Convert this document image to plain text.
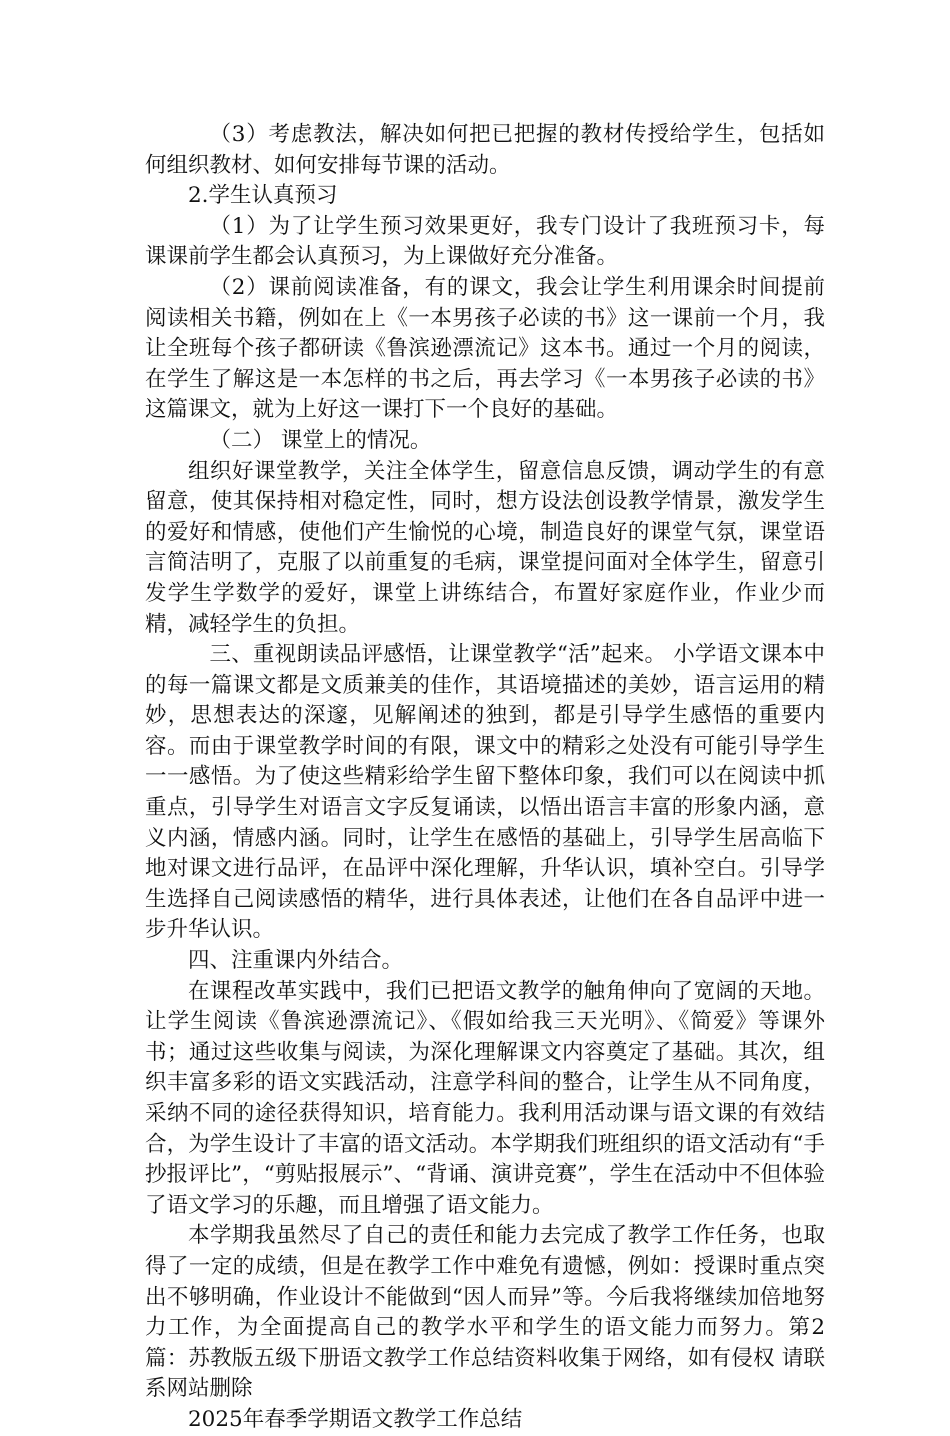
（3）考虑教法，解决如何把已把握的教材传授给学生，包括如何组织教材、如何安排每节课的活动。

2.学生认真预习

（1）为了让学生预习效果更好，我专门设计了我班预习卡，每课课前学生都会认真预习，为上课做好充分准备。

（2）课前阅读准备，有的课文，我会让学生利用课余时间提前阅读相关书籍，例如在上《一本男孩子必读的书》这一课前一个月，我让全班每个孩子都研读《鲁滨逊漂流记》这本书。通过一个月的阅读，在学生了解这是一本怎样的书之后，再去学习《一本男孩子必读的书》这篇课文，就为上好这一课打下一个良好的基础。

（二） 课堂上的情况。

组织好课堂教学，关注全体学生，留意信息反馈，调动学生的有意留意，使其保持相对稳定性，同时，想方设法创设教学情景，激发学生的爱好和情感，使他们产生愉悦的心境，制造良好的课堂气氛，课堂语言简洁明了，克服了以前重复的毛病，课堂提问面对全体学生，留意引发学生学数学的爱好，课堂上讲练结合，布置好家庭作业，作业少而精，减轻学生的负担。

三、重视朗读品评感悟，让课堂教学“活”起来。 小学语文课本中的每一篇课文都是文质兼美的佳作，其语境描述的美妙，语言运用的精妙，思想表达的深邃，见解阐述的独到，都是引导学生感悟的重要内容。而由于课堂教学时间的有限，课文中的精彩之处没有可能引导学生一一感悟。为了使这些精彩给学生留下整体印象，我们可以在阅读中抓重点，引导学生对语言文字反复诵读，以悟出语言丰富的形象内涵，意义内涵，情感内涵。同时，让学生在感悟的基础上，引导学生居高临下地对课文进行品评，在品评中深化理解，升华认识，填补空白。引导学生选择自己阅读感悟的精华，进行具体表述，让他们在各自品评中进一步升华认识。

四、注重课内外结合。

在课程改革实践中，我们已把语文教学的触角伸向了宽阔的天地。让学生阅读《鲁滨逊漂流记》、《假如给我三天光明》、《简爱》等课外书；通过这些收集与阅读，为深化理解课文内容奠定了基础。其次，组织丰富多彩的语文实践活动，注意学科间的整合，让学生从不同角度，采纳不同的途径获得知识，培育能力。我利用活动课与语文课的有效结合，为学生设计了丰富的语文活动。本学期我们班组织的语文活动有“手抄报评比”，“剪贴报展示”、“背诵、演讲竞赛”，学生在活动中不但体验了语文学习的乐趣，而且增强了语文能力。

本学期我虽然尽了自己的责任和能力去完成了教学工作任务，也取得了一定的成绩，但是在教学工作中难免有遗憾，例如：授课时重点突出不够明确，作业设计不能做到“因人而异”等。今后我将继续加倍地努力工作，为全面提高自己的教学水平和学生的语文能力而努力。第2篇：苏教版五级下册语文教学工作总结资料收集于网络，如有侵权 请联系网站删除

2025年春季学期语文教学工作总结
